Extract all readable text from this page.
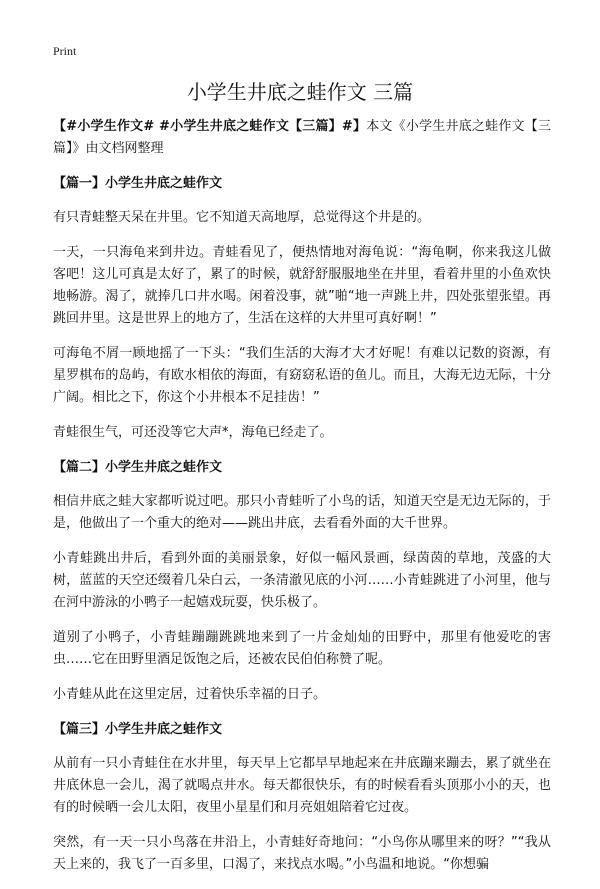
Print
小学生井底之蛙作文 三篇

【#小学生作文# #小学生井底之蛙作文【三篇】#】本文《小学生井底之蛙作文【三篇】》由文档网整理

【篇一】小学生井底之蛙作文

有只青蛙整天呆在井里。它不知道天高地厚，总觉得这个井是的。

一天，一只海龟来到井边。青蛙看见了，便热情地对海龟说：“海龟啊，你来我这儿做客吧！这儿可真是太好了，累了的时候，就舒舒服服地坐在井里，看着井里的小鱼欢快地畅游。渴了，就捧几口井水喝。闲着没事，就”啪“地一声跳上井，四处张望张望。再跳回井里。这是世界上的地方了，生活在这样的大井里可真好啊！”

可海龟不屑一顾地摇了一下头：“我们生活的大海才大才好呢！有难以记数的资源，有星罗棋布的岛屿，有欧水相依的海面，有窈窈私语的鱼儿。而且，大海无边无际，十分广阔。相比之下，你这个小井根本不足挂齿！”

青蛙很生气，可还没等它大声*，海龟已经走了。

【篇二】小学生井底之蛙作文

相信井底之蛙大家都听说过吧。那只小青蛙听了小鸟的话，知道天空是无边无际的，于是，他做出了一个重大的绝对——跳出井底，去看看外面的大千世界。

小青蛙跳出井后，看到外面的美丽景象，好似一幅风景画，绿茵茵的草地，茂盛的大树，蓝蓝的天空还缀着几朵白云，一条清澈见底的小河……小青蛙跳进了小河里，他与在河中游泳的小鸭子一起嬉戏玩耍，快乐极了。

道别了小鸭子，小青蛙蹦蹦跳跳地来到了一片金灿灿的田野中，那里有他爱吃的害虫……它在田野里酒足饭饱之后，还被农民伯伯称赞了呢。

小青蛙从此在这里定居，过着快乐幸福的日子。

【篇三】小学生井底之蛙作文

从前有一只小青蛙住在水井里，每天早上它都早早地起来在井底蹦来蹦去，累了就坐在井底休息一会儿，渴了就喝点井水。每天都很快乐，有的时候看看头顶那小小的天，也有的时候晒一会儿太阳，夜里小星星们和月亮姐姐陪着它过夜。

突然，有一天一只小鸟落在井沿上，小青蛙好奇地问：“小鸟你从哪里来的呀？”“我从天上来的，我飞了一百多里，口渴了，来找点水喝。”小鸟温和地说。“你想骗
